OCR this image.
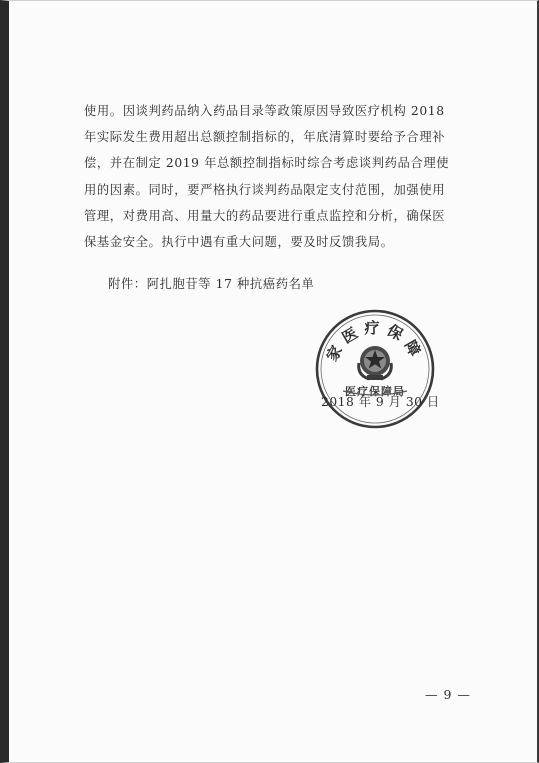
使用。因谈判药品纳入药品目录等政策原因导致医疗机构 2018
年实际发生费用超出总额控制指标的，年底清算时要给予合理补
偿，并在制定 2019 年总额控制指标时综合考虑谈判药品合理使
用的因素。同时，要严格执行谈判药品限定支付范围，加强使用
管理，对费用高、用量大的药品要进行重点监控和分析，确保医
保基金安全。执行中遇有重大问题，要及时反馈我局。
附件：阿扎胞苷等 17 种抗癌药名单
家医疗保障
医疗保障局
2018 年 9 月 30 日
— 9 —
